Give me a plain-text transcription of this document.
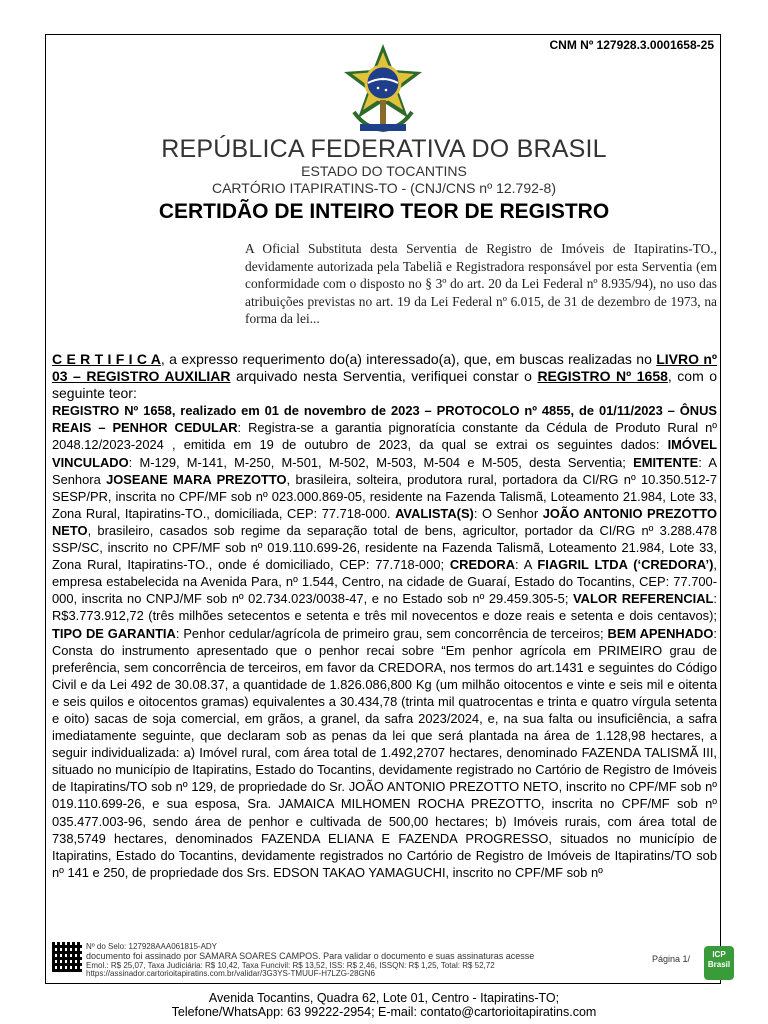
CNM Nº 127928.3.0001658-25
REPÚBLICA FEDERATIVA DO BRASIL
ESTADO DO TOCANTINS
CARTÓRIO ITAPIRATINS-TO - (CNJ/CNS nº 12.792-8)
CERTIDÃO DE INTEIRO TEOR DE REGISTRO
A Oficial Substituta desta Serventia de Registro de Imóveis de Itapiratins-TO., devidamente autorizada pela Tabeliã e Registradora responsável por esta Serventia (em conformidade com o disposto no § 3º do art. 20 da Lei Federal nº 8.935/94), no uso das atribuições previstas no art. 19 da Lei Federal nº 6.015, de 31 de dezembro de 1973, na forma da lei...
C E R T I F I C A, a expresso requerimento do(a) interessado(a), que, em buscas realizadas no LIVRO nº 03 – REGISTRO AUXILIAR arquivado nesta Serventia, verifiquei constar o REGISTRO Nº 1658, com o seguinte teor:
REGISTRO Nº 1658, realizado em 01 de novembro de 2023 – PROTOCOLO nº 4855, de 01/11/2023 – ÔNUS REAIS – PENHOR CEDULAR: Registra-se a garantia pignoratícia constante da Cédula de Produto Rural nº 2048.12/2023-2024 , emitida em 19 de outubro de 2023, da qual se extrai os seguintes dados: IMÓVEL VINCULADO: M-129, M-141, M-250, M-501, M-502, M-503, M-504 e M-505, desta Serventia; EMITENTE: A Senhora JOSEANE MARA PREZOTTO, brasileira, solteira, produtora rural, portadora da CI/RG nº 10.350.512-7 SESP/PR, inscrita no CPF/MF sob nº 023.000.869-05, residente na Fazenda Talismã, Loteamento 21.984, Lote 33, Zona Rural, Itapiratins-TO., domiciliada, CEP: 77.718-000. AVALISTA(S): O Senhor JOÃO ANTONIO PREZOTTO NETO, brasileiro, casados sob regime da separação total de bens, agricultor, portador da CI/RG nº 3.288.478 SSP/SC, inscrito no CPF/MF sob nº 019.110.699-26, residente na Fazenda Talismã, Loteamento 21.984, Lote 33, Zona Rural, Itapiratins-TO., onde é domiciliado, CEP: 77.718-000; CREDORA: A FIAGRIL LTDA (‘CREDORA’), empresa estabelecida na Avenida Para, nº 1.544, Centro, na cidade de Guaraí, Estado do Tocantins, CEP: 77.700-000, inscrita no CNPJ/MF sob nº 02.734.023/0038-47, e no Estado sob nº 29.459.305-5; VALOR REFERENCIAL: R$3.773.912,72 (três milhões setecentos e setenta e três mil novecentos e doze reais e setenta e dois centavos); TIPO DE GARANTIA: Penhor cedular/agrícola de primeiro grau, sem concorrência de terceiros; BEM APENHADO: Consta do instrumento apresentado que o penhor recai sobre “Em penhor agrícola em PRIMEIRO grau de preferência, sem concorrência de terceiros, em favor da CREDORA, nos termos do art.1431 e seguintes do Código Civil e da Lei 492 de 30.08.37, a quantidade de 1.826.086,800 Kg (um milhão oitocentos e vinte e seis mil e oitenta e seis quilos e oitocentos gramas) equivalentes a 30.434,78 (trinta mil quatrocentas e trinta e quatro vírgula setenta e oito) sacas de soja comercial, em grãos, a granel, da safra 2023/2024, e, na sua falta ou insuficiência, a safra imediatamente seguinte, que declaram sob as penas da lei que será plantada na área de 1.128,98 hectares, a seguir individualizada: a) Imóvel rural, com área total de 1.492,2707 hectares, denominado FAZENDA TALISMÃ III, situado no município de Itapiratins, Estado do Tocantins, devidamente registrado no Cartório de Registro de Imóveis de Itapiratins/TO sob nº 129, de propriedade do Sr. JOÃO ANTONIO PREZOTTO NETO, inscrito no CPF/MF sob nº 019.110.699-26, e sua esposa, Sra. JAMAICA MILHOMEN ROCHA PREZOTTO, inscrita no CPF/MF sob nº 035.477.003-96, sendo área de penhor e cultivada de 500,00 hectares; b) Imóveis rurais, com área total de 738,5749 hectares, denominados FAZENDA ELIANA E FAZENDA PROGRESSO, situados no município de Itapiratins, Estado do Tocantins, devidamente registrados no Cartório de Registro de Imóveis de Itapiratins/TO sob nº 141 e 250, de propriedade dos Srs. EDSON TAKAO YAMAGUCHI, inscrito no CPF/MF sob nº
Nº do Selo: 127928AAA061815-ADY
documento foi assinado por SAMARA SOARES CAMPOS. Para validar o documento e suas assinaturas acesse
Emol.: R$ 25,07, Taxa Judiciária: R$ 10,42, Taxa Funcivil: R$ 13,52, ISS: R$ 2,46, ISSQN: R$ 1,25, Total: R$ 52,72
https://assinador.cartorioitapiratins.com.br/validar/3G3YS-TMUUF-H7LZG-28GN6
Página 1/	ICP Brasil
Avenida Tocantins, Quadra 62, Lote 01, Centro - Itapiratins-TO;
Telefone/WhatsApp: 63 99222-2954; E-mail: contato@cartorioitapiratins.com
